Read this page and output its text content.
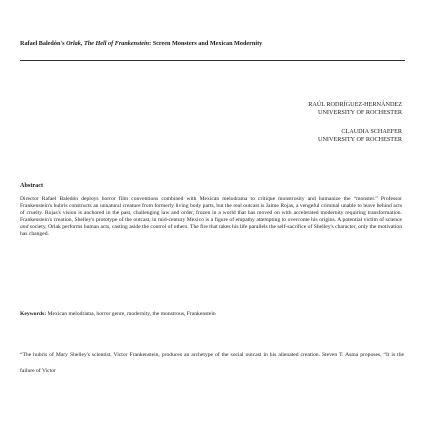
Rafael Baledón's Orlak, The Hell of Frankenstein: Screen Monsters and Mexican Modernity
RAÚL RODRÍGUEZ-HERNÁNDEZ
UNIVERSITY OF ROCHESTER
CLAUDIA SCHAEFER
UNIVERSITY OF ROCHESTER
Abstract
Director Rafael Baledón deploys horror film conventions combined with Mexican melodrama to critique monstrosity and humanize the “monster.” Professor Frankenstein's hubris constructs an unnatural creature from formerly living body parts, but the real outcast is Jaime Rojas, a vengeful criminal unable to leave behind acts of cruelty. Rojas's vision is anchored in the past, challenging law and order, frozen in a world that has moved on with accelerated modernity requiring transformation. Frankenstein's creation, Shelley's prototype of the outcast, in mid-century Mexico is a figure of empathy attempting to overcome his origins. A potential victim of science and society, Orlak performs human acts, casting aside the control of others. The fire that takes his life parallels the self-sacrifice of Shelley's character, only the motivation has changed.
Keywords: Mexican melodrama, horror genre, modernity, the monstrous, Frankenstein
“The hubris of Mary Shelley's scientist, Victor Frankenstein, produces an archetype of the social outcast in his alienated creation. Steven T. Asma proposes, “It is the failure of Victor
